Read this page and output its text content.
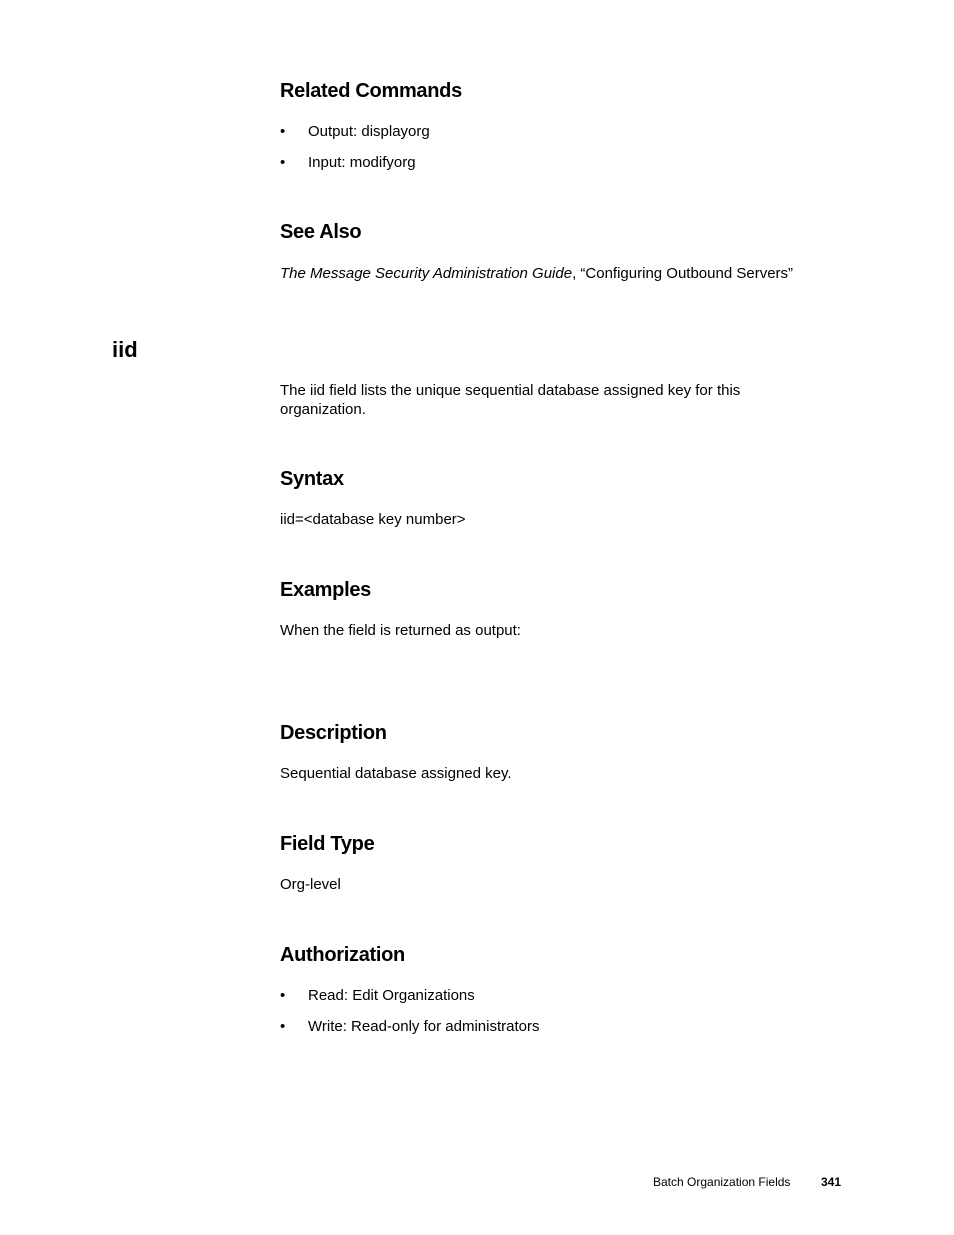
Related Commands
• Output: displayorg
• Input: modifyorg
See Also

The Message Security Administration Guide, “Configuring Outbound Servers”

iid

The iid field lists the unique sequential database assigned key for this organization.

Syntax

iid=<database key number>

Examples

When the field is returned as output:

Description

Sequential database assigned key.

Field Type

Org-level

Authorization
• Read: Edit Organizations
• Write: Read-only for administrators
Batch Organization Fields	341
